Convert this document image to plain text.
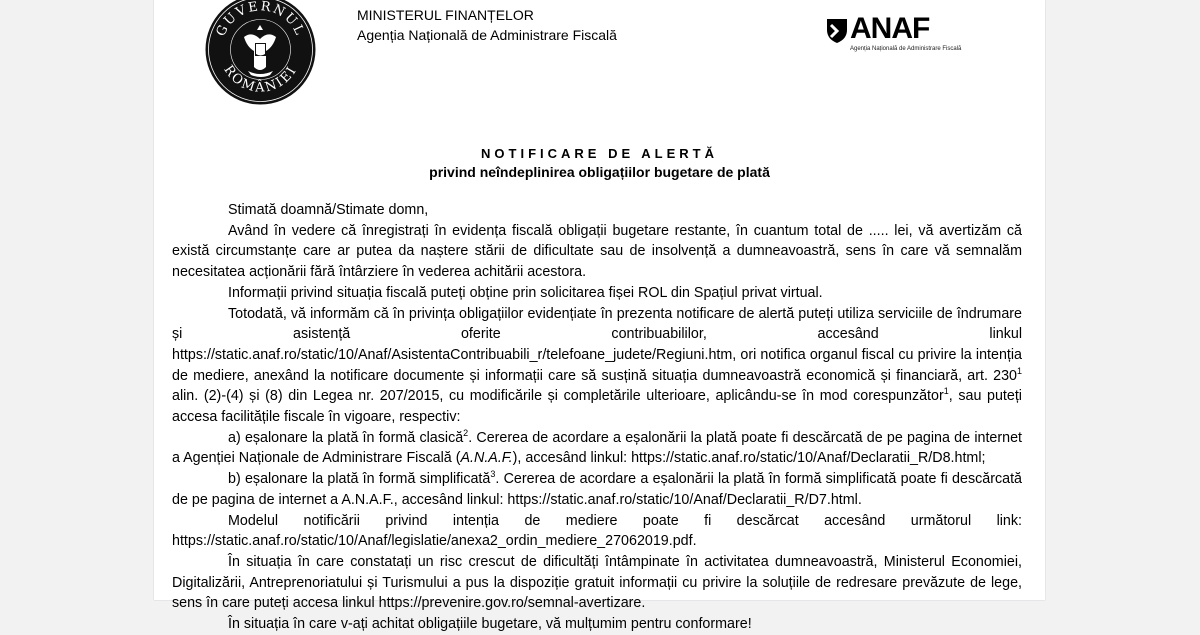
GUVERNUL
ROMÂNIEI
MINISTERUL FINANȚELOR
Agenția Națională de Administrare Fiscală	ANAF
Agenția Națională de Administrare Fiscală
NOTIFICARE DE ALERTĂ
privind neîndeplinirea obligațiilor bugetare de plată

Stimată doamnă/Stimate domn,

Având în vedere că înregistrați în evidența fiscală obligații bugetare restante, în cuantum total de ..... lei, vă avertizăm că există circumstanțe care ar putea da naștere stării de dificultate sau de insolvență a dumneavoastră, sens în care vă semnalăm necesitatea acționării fără întârziere în vederea achitării acestora.

Informații privind situația fiscală puteți obține prin solicitarea fișei ROL din Spațiul privat virtual.

Totodată, vă informăm că în privința obligațiilor evidențiate în prezenta notificare de alertă puteți utiliza serviciile de îndrumare și asistență oferite contribuabililor, accesând linkul https://static.anaf.ro/static/10/Anaf/AsistentaContribuabili_r/telefoane_judete/Regiuni.htm, ori notifica organul fiscal cu privire la intenția de mediere, anexând la notificare documente și informații care să susțină situația dumneavoastră economică și financiară, art. $230^1$ alin. (2)-(4) și (8) din Legea nr. 207/2015, cu modificările și completările ulterioare, aplicându-se în mod corespunzător$^1$, sau puteți accesa facilitățile fiscale în vigoare, respectiv:

a) eșalonare la plată în formă clasică$^2$. Cererea de acordare a eșalonării la plată poate fi descărcată de pe pagina de internet a Agenției Naționale de Administrare Fiscală (A.N.A.F.), accesând linkul: https://static.anaf.ro/static/10/Anaf/Declaratii_R/D8.html;

b) eșalonare la plată în formă simplificată$^3$. Cererea de acordare a eșalonării la plată în formă simplificată poate fi descărcată de pe pagina de internet a A.N.A.F., accesând linkul: https://static.anaf.ro/static/10/Anaf/Declaratii_R/D7.html.

Modelul notificării privind intenția de mediere poate fi descărcat accesând următorul link: https://static.anaf.ro/static/10/Anaf/legislatie/anexa2_ordin_mediere_27062019.pdf.

În situația în care constatați un risc crescut de dificultăți întâmpinate în activitatea dumneavoastră, Ministerul Economiei, Digitalizării, Antreprenoriatului și Turismului a pus la dispoziție gratuit informații cu privire la soluțiile de redresare prevăzute de lege, sens în care puteți accesa linkul https://prevenire.gov.ro/semnal-avertizare.

În situația în care v-ați achitat obligațiile bugetare, vă mulțumim pentru conformare!
